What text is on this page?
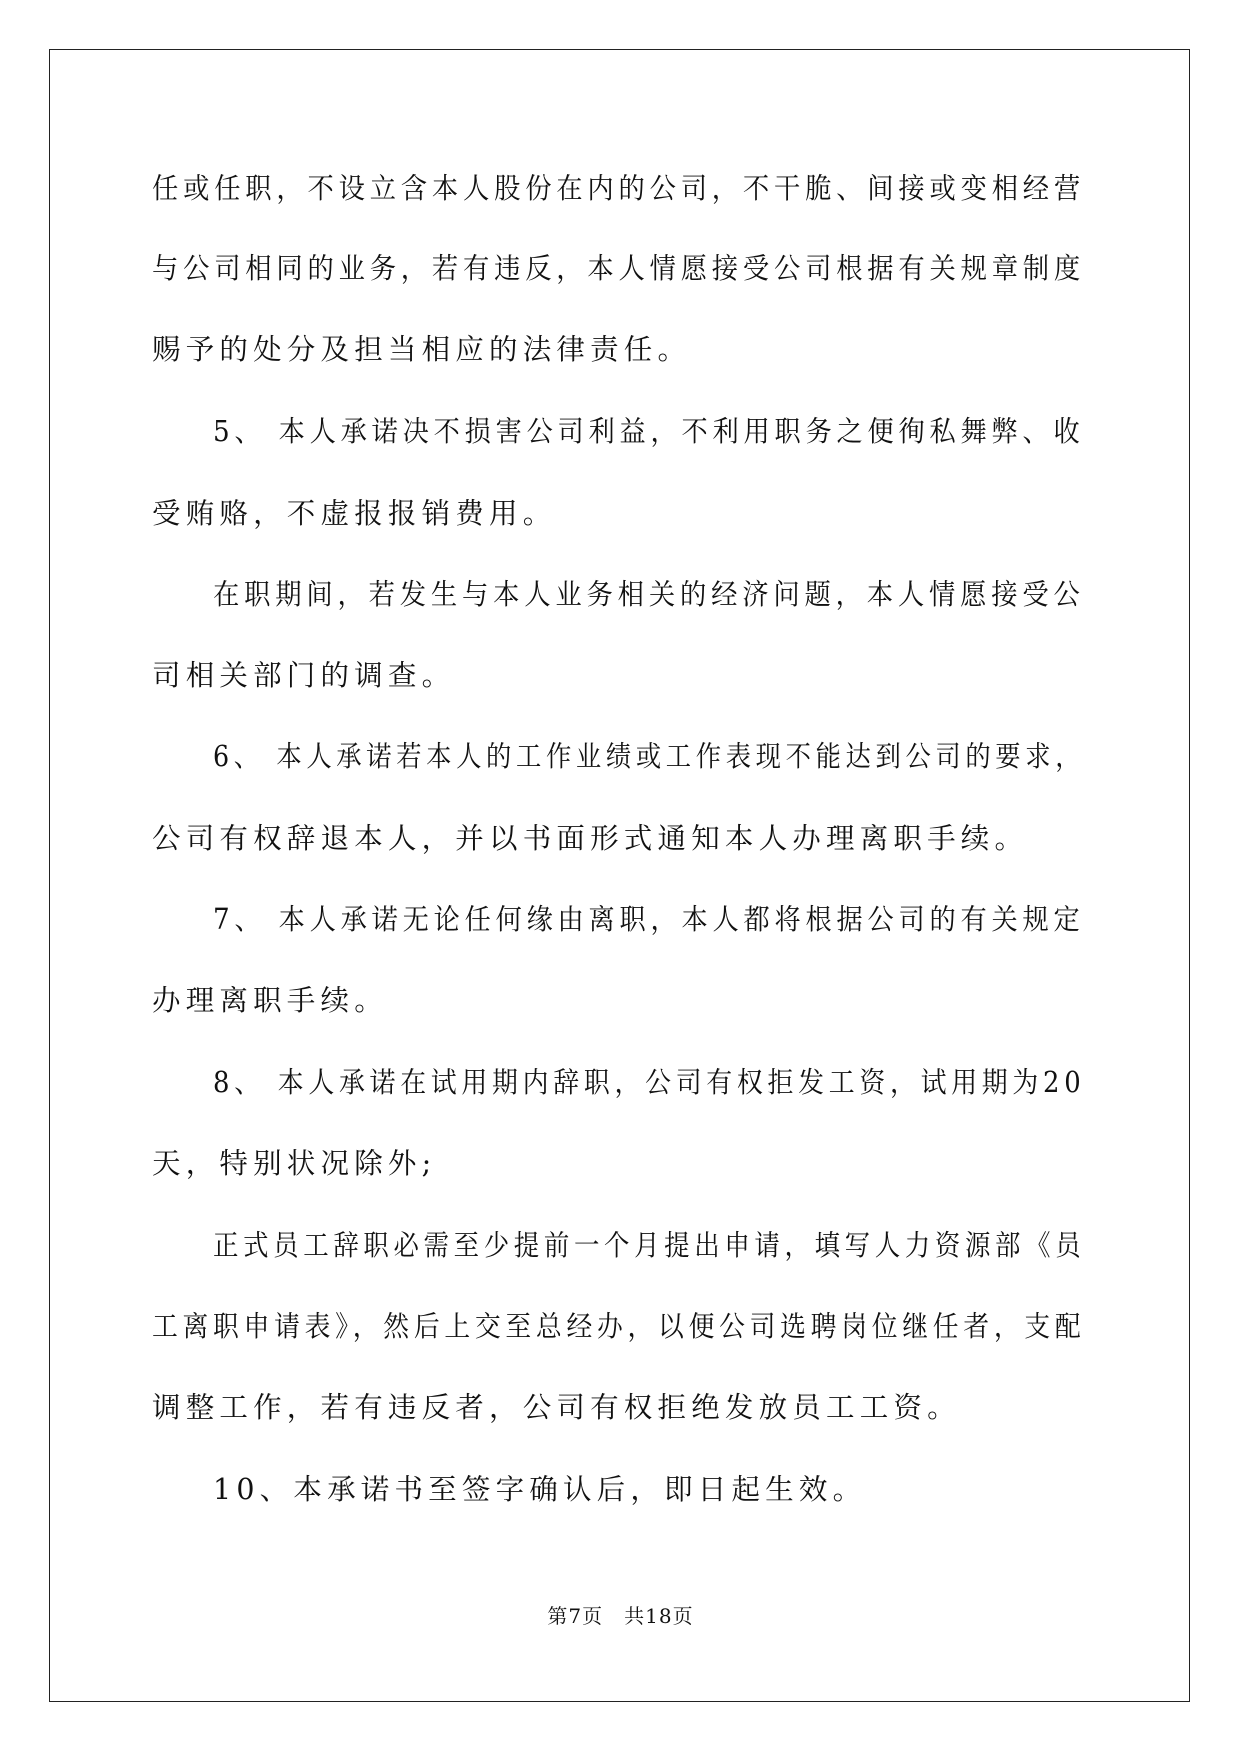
任或任职，不设立含本人股份在内的公司，不干脆、间接或变相经营
与公司相同的业务，若有违反，本人情愿接受公司根据有关规章制度
赐予的处分及担当相应的法律责任。
5、 本人承诺决不损害公司利益，不利用职务之便徇私舞弊、收
受贿赂，不虚报报销费用。
在职期间，若发生与本人业务相关的经济问题，本人情愿接受公
司相关部门的调查。
6、 本人承诺若本人的工作业绩或工作表现不能达到公司的要求，
公司有权辞退本人，并以书面形式通知本人办理离职手续。
7、 本人承诺无论任何缘由离职，本人都将根据公司的有关规定
办理离职手续。
8、 本人承诺在试用期内辞职，公司有权拒发工资，试用期为20
天，特别状况除外;
正式员工辞职必需至少提前一个月提出申请，填写人力资源部《员
工离职申请表》，然后上交至总经办，以便公司选聘岗位继任者，支配
调整工作，若有违反者，公司有权拒绝发放员工工资。
10、本承诺书至签字确认后，即日起生效。
第7页　共18页
